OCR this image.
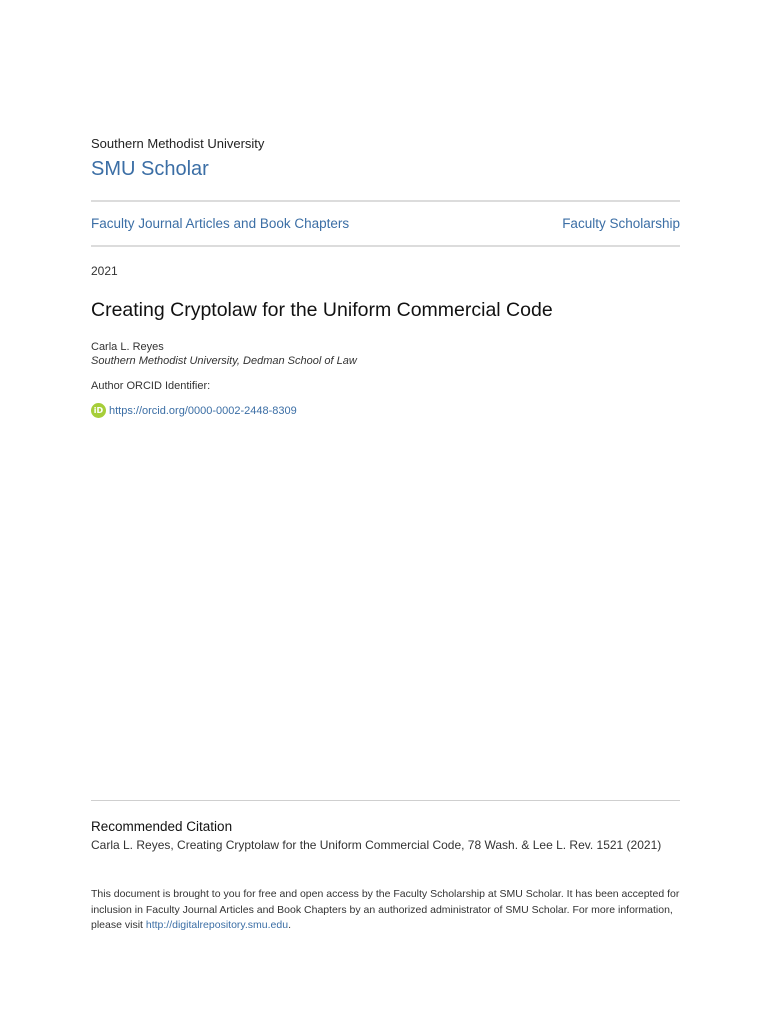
Southern Methodist University
SMU Scholar
Faculty Journal Articles and Book Chapters	Faculty Scholarship
2021
Creating Cryptolaw for the Uniform Commercial Code
Carla L. Reyes
Southern Methodist University, Dedman School of Law
Author ORCID Identifier:
iD https://orcid.org/0000-0002-2448-8309
Recommended Citation
Carla L. Reyes, Creating Cryptolaw for the Uniform Commercial Code, 78 Wash. & Lee L. Rev. 1521 (2021)
This document is brought to you for free and open access by the Faculty Scholarship at SMU Scholar. It has been accepted for inclusion in Faculty Journal Articles and Book Chapters by an authorized administrator of SMU Scholar. For more information, please visit http://digitalrepository.smu.edu.
